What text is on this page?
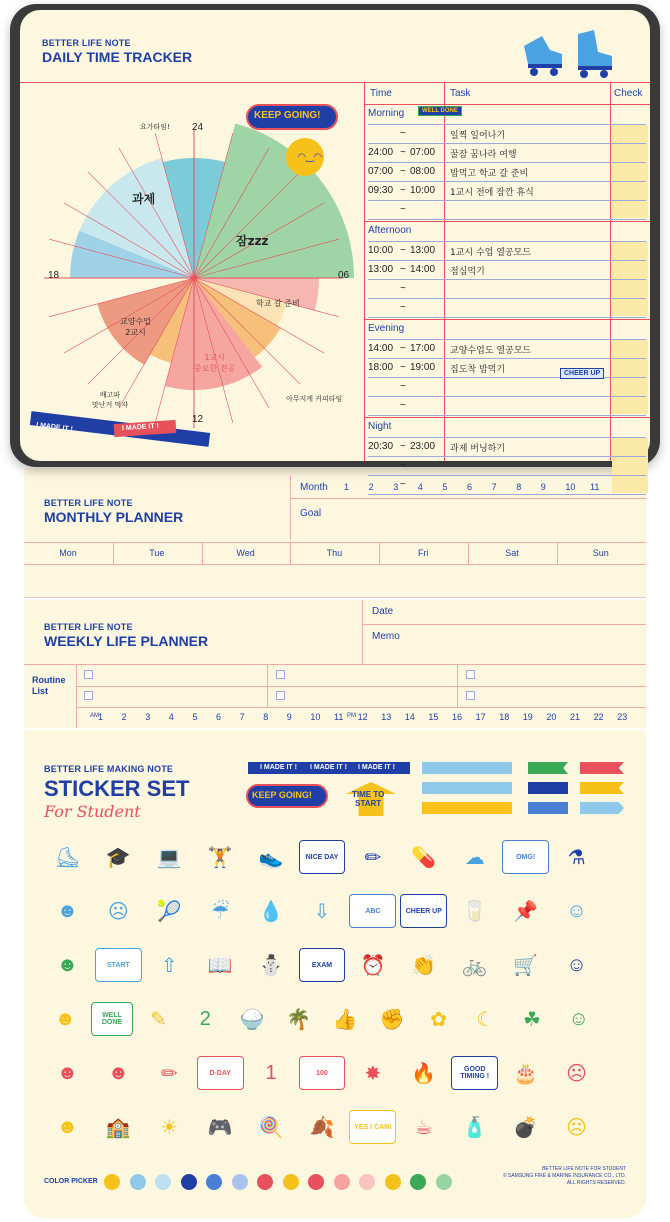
BETTER LIFE NOTE
MONTHLY PLANNER
Month 1 2 3 4 5 6 7 8 9 10 11
Goal
Mon	Tue	Wed	Thu	Fri	Sat	Sun
BETTER LIFE NOTE
WEEKLY LIFE PLANNER
Date
Memo
Routine
List
AM	PM
1 2 3 4 5 6 7 8 9 10 11 12 13 14 15 16 17 18 19 20 21 22 23
BETTER LIFE MAKING NOTE
STICKER SET
For Student
I MADE IT ! I MADE IT ! I MADE IT !
KEEP GOING!	TIME TO
START
⛸	🎓	💻	🏋	👟	NICE DAY	✏	💊	☁	OMG!	⚗
☻	☹	🎾	☔	💧	⇩	ABC	CHEER UP	🥛	📌	☺
☻	START	⇧	📖	⛄	EXAM	⏰	👏	🚲	🛒	☺
☻	WELL DONE	✎	2	🍚	🌴	👍	✊	✿	☾	☘	☺
☻	☻	✏	D-DAY	1	100	✸	🔥	GOOD TIMING !	🎂	☹
☻	🏫	☀	🎮	🍭	🍂	YES I CAN!	☕	🧴	💣	☹
COLOR PICKER
BETTER LIFE NOTE FOR STUDENT
© SAMSUNG FIRE & MARINE INSURANCE CO., LTD.
ALL RIGHTS RESERVED.
BETTER LIFE NOTE
DAILY TIME TRACKER
24
06
12
18
요가타임!
과제
잠zzz
학교 갈 준비
교양수업
2교시
1교시
중요한 전공
아무지게 커피타임
배고파
맛난거 먹자
KEEP GOING!
◠‿◠
I MADE IT !	I MADE IT !
Time	Task	Check
Morning
~	일찍 일어나기
24:00 ~ 07:00 꿀잠 꿈나라 여행
07:00 ~ 08:00 밥먹고 학교 갈 준비
09:30 ~ 10:00 1교시 전에 잠깐 휴식
~
Afternoon
10:00 ~ 13:00 1교시 수업 열공모드
13:00 ~ 14:00 점심먹기
~
~
Evening
14:00 ~ 17:00 교양수업도 열공모드
18:00 ~ 19:00 집도착 밥먹기
~
~
Night
20:30 ~ 23:00 과제 버닝하기
~
~
WELL DONE
CHEER UP
